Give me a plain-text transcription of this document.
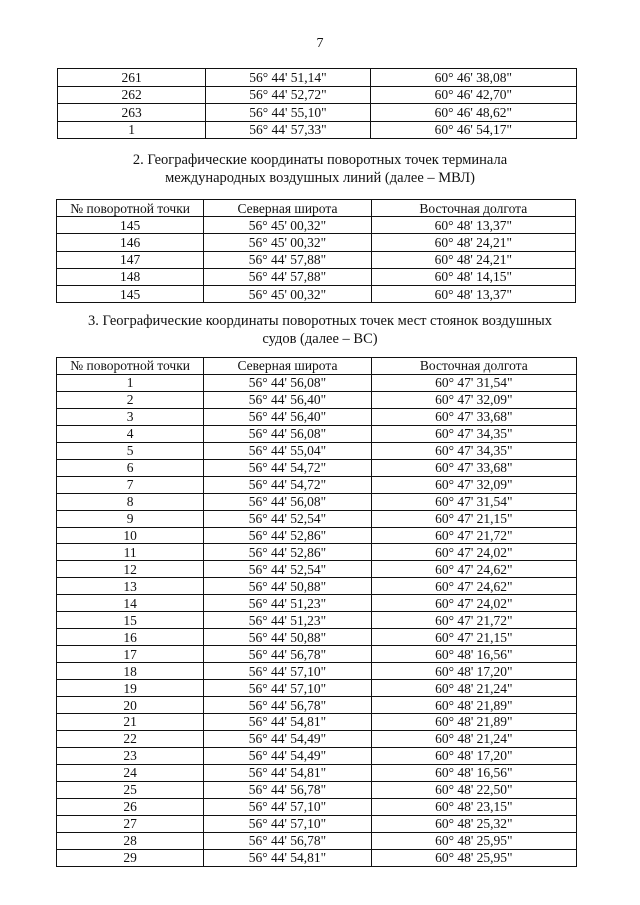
7
261	56° 44' 51,14"	60° 46' 38,08"
262	56° 44' 52,72"	60° 46' 42,70"
263	56° 44' 55,10"	60° 46' 48,62"
1	56° 44' 57,33"	60° 46' 54,17"
2. Географические координаты поворотных точек терминала
международных воздушных линий (далее – МВЛ)
№ поворотной точки	Северная широта	Восточная долгота
145	56° 45' 00,32"	60° 48' 13,37"
146	56° 45' 00,32"	60° 48' 24,21"
147	56° 44' 57,88"	60° 48' 24,21"
148	56° 44' 57,88"	60° 48' 14,15"
145	56° 45' 00,32"	60° 48' 13,37"
3. Географические координаты поворотных точек мест стоянок воздушных
судов (далее – ВС)
№ поворотной точки	Северная широта	Восточная долгота
1	56° 44' 56,08"	60° 47' 31,54"
2	56° 44' 56,40"	60° 47' 32,09"
3	56° 44' 56,40"	60° 47' 33,68"
4	56° 44' 56,08"	60° 47' 34,35"
5	56° 44' 55,04"	60° 47' 34,35"
6	56° 44' 54,72"	60° 47' 33,68"
7	56° 44' 54,72"	60° 47' 32,09"
8	56° 44' 56,08"	60° 47' 31,54"
9	56° 44' 52,54"	60° 47' 21,15"
10	56° 44' 52,86"	60° 47' 21,72"
11	56° 44' 52,86"	60° 47' 24,02"
12	56° 44' 52,54"	60° 47' 24,62"
13	56° 44' 50,88"	60° 47' 24,62"
14	56° 44' 51,23"	60° 47' 24,02"
15	56° 44' 51,23"	60° 47' 21,72"
16	56° 44' 50,88"	60° 47' 21,15"
17	56° 44' 56,78"	60° 48' 16,56"
18	56° 44' 57,10"	60° 48' 17,20"
19	56° 44' 57,10"	60° 48' 21,24"
20	56° 44' 56,78"	60° 48' 21,89"
21	56° 44' 54,81"	60° 48' 21,89"
22	56° 44' 54,49"	60° 48' 21,24"
23	56° 44' 54,49"	60° 48' 17,20"
24	56° 44' 54,81"	60° 48' 16,56"
25	56° 44' 56,78"	60° 48' 22,50"
26	56° 44' 57,10"	60° 48' 23,15"
27	56° 44' 57,10"	60° 48' 25,32"
28	56° 44' 56,78"	60° 48' 25,95"
29	56° 44' 54,81"	60° 48' 25,95"
